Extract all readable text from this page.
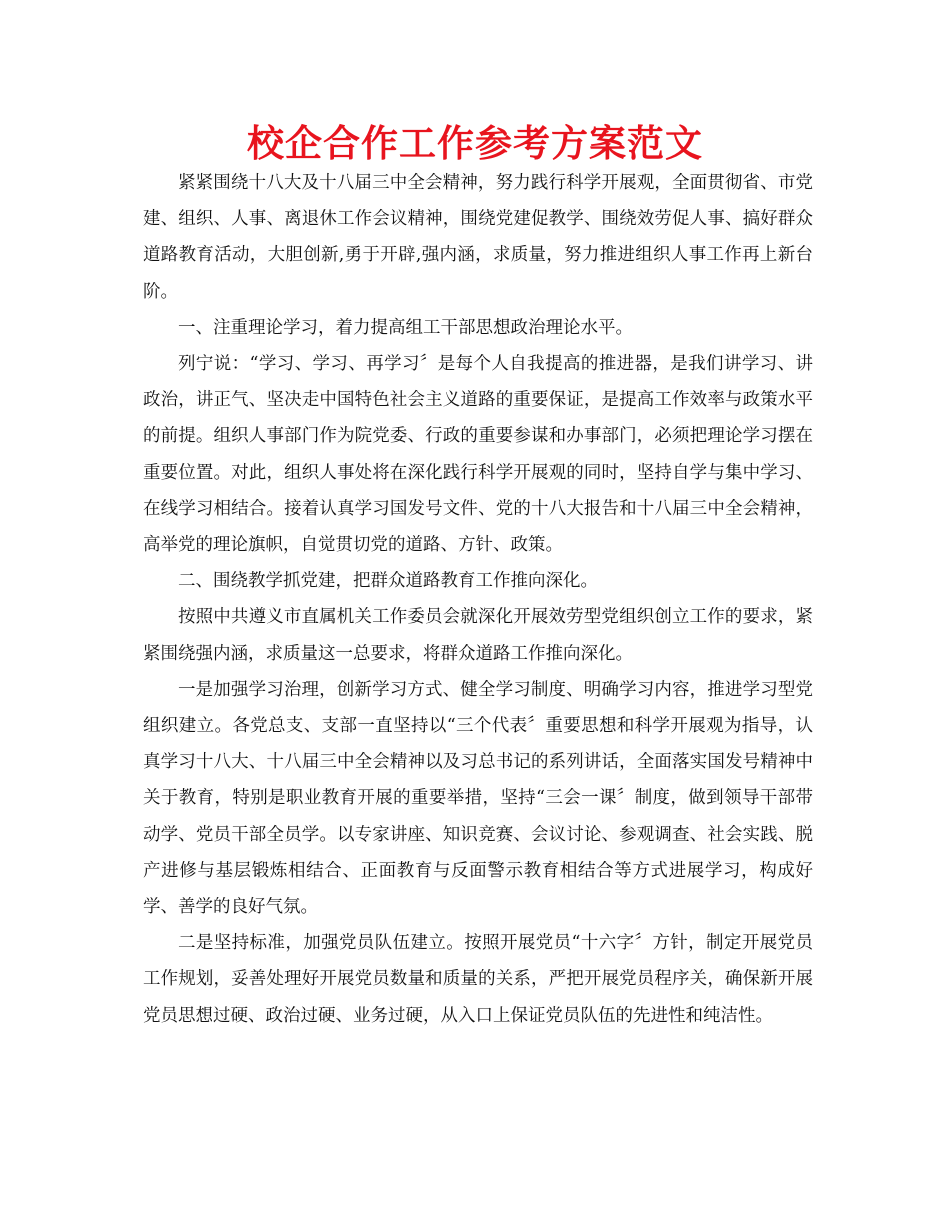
校企合作工作参考方案范文

紧紧围绕十八大及十八届三中全会精神，努力践行科学开展观，全面贯彻省、市党建、组织、人事、离退休工作会议精神，围绕党建促教学、围绕效劳促人事、搞好群众道路教育活动，大胆创新,勇于开辟,强内涵，求质量，努力推进组织人事工作再上新台阶。

一、注重理论学习，着力提高组工干部思想政治理论水平。

列宁说：“学习、学习、再学习〞是每个人自我提高的推进器，是我们讲学习、讲政治，讲正气、坚决走中国特色社会主义道路的重要保证，是提高工作效率与政策水平的前提。组织人事部门作为院党委、行政的重要参谋和办事部门，必须把理论学习摆在重要位置。对此，组织人事处将在深化践行科学开展观的同时，坚持自学与集中学习、在线学习相结合。接着认真学习国发号文件、党的十八大报告和十八届三中全会精神，高举党的理论旗帜，自觉贯切党的道路、方针、政策。

二、围绕教学抓党建，把群众道路教育工作推向深化。

按照中共遵义市直属机关工作委员会就深化开展效劳型党组织创立工作的要求，紧紧围绕强内涵，求质量这一总要求，将群众道路工作推向深化。

一是加强学习治理，创新学习方式、健全学习制度、明确学习内容，推进学习型党组织建立。各党总支、支部一直坚持以“三个代表〞重要思想和科学开展观为指导，认真学习十八大、十八届三中全会精神以及习总书记的系列讲话，全面落实国发号精神中关于教育，特别是职业教育开展的重要举措，坚持“三会一课〞制度，做到领导干部带动学、党员干部全员学。以专家讲座、知识竞赛、会议讨论、参观调查、社会实践、脱产进修与基层锻炼相结合、正面教育与反面警示教育相结合等方式进展学习，构成好学、善学的良好气氛。

二是坚持标准，加强党员队伍建立。按照开展党员“十六字〞方针，制定开展党员工作规划，妥善处理好开展党员数量和质量的关系，严把开展党员程序关，确保新开展党员思想过硬、政治过硬、业务过硬，从入口上保证党员队伍的先进性和纯洁性。
